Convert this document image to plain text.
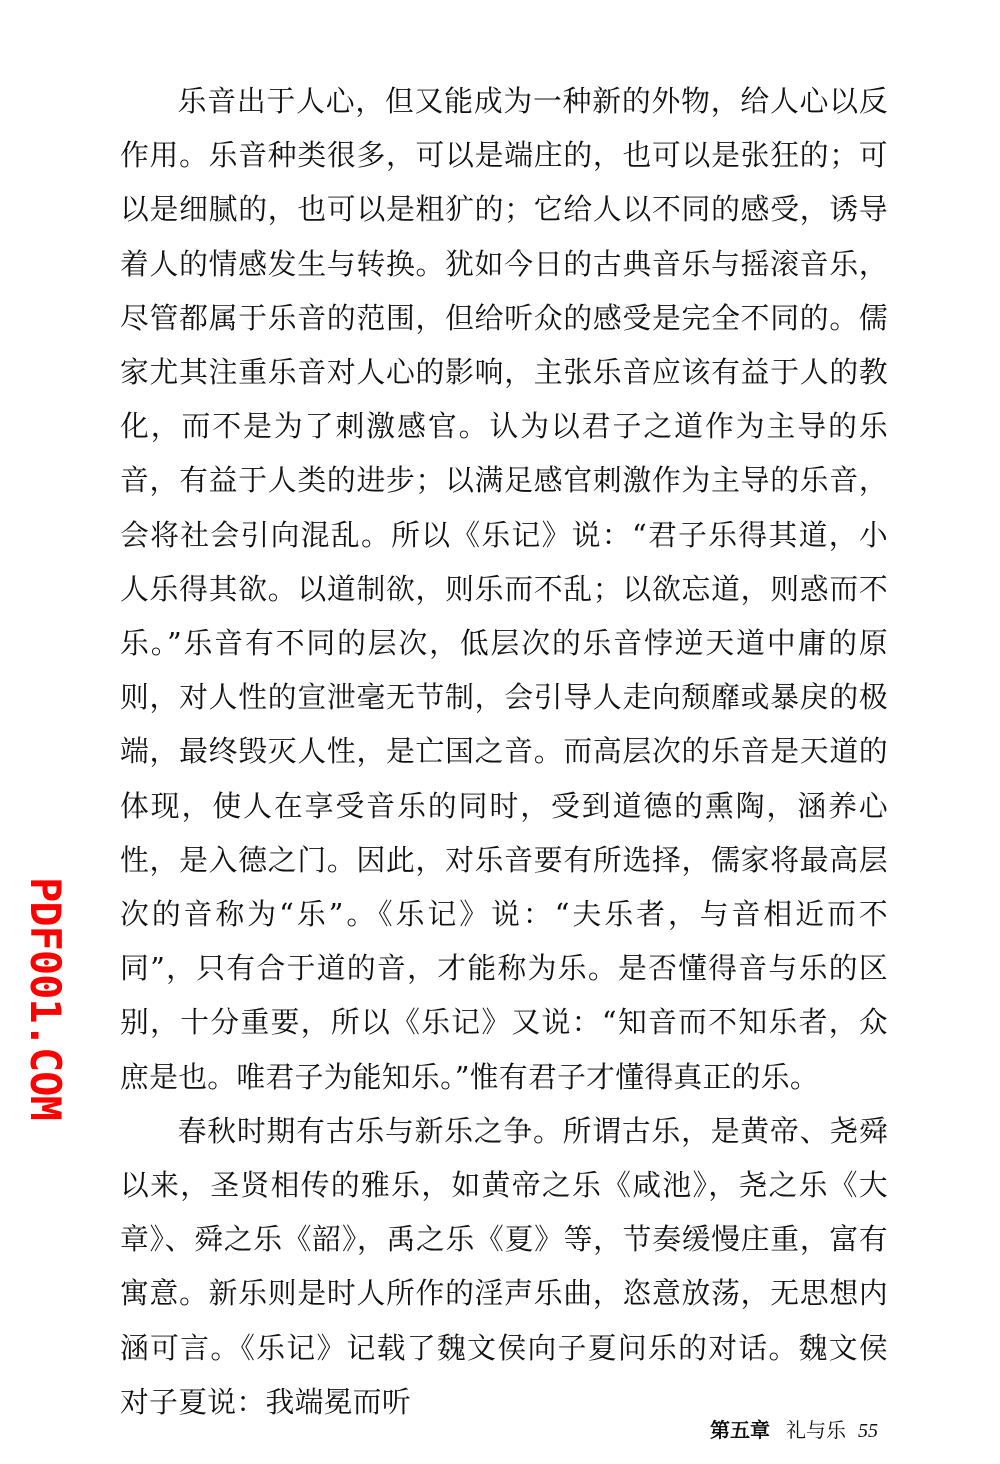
乐音出于人心，但又能成为一种新的外物，给人心以反作用。乐音种类很多，可以是端庄的，也可以是张狂的；可以是细腻的，也可以是粗犷的；它给人以不同的感受，诱导着人的情感发生与转换。犹如今日的古典音乐与摇滚音乐，尽管都属于乐音的范围，但给听众的感受是完全不同的。儒家尤其注重乐音对人心的影响，主张乐音应该有益于人的教化，而不是为了刺激感官。认为以君子之道作为主导的乐音，有益于人类的进步；以满足感官刺激作为主导的乐音，会将社会引向混乱。所以《乐记》说：“君子乐得其道，小人乐得其欲。以道制欲，则乐而不乱；以欲忘道，则惑而不乐。”乐音有不同的层次，低层次的乐音悖逆天道中庸的原则，对人性的宣泄毫无节制，会引导人走向颓靡或暴戾的极端，最终毁灭人性，是亡国之音。而高层次的乐音是天道的体现，使人在享受音乐的同时，受到道德的熏陶，涵养心性，是入德之门。因此，对乐音要有所选择，儒家将最高层次的音称为“乐”。《乐记》说：“夫乐者，与音相近而不同”，只有合于道的音，才能称为乐。是否懂得音与乐的区别，十分重要，所以《乐记》又说：“知音而不知乐者，众庶是也。唯君子为能知乐。”惟有君子才懂得真正的乐。

春秋时期有古乐与新乐之争。所谓古乐，是黄帝、尧舜以来，圣贤相传的雅乐，如黄帝之乐《咸池》，尧之乐《大章》、舜之乐《韶》，禹之乐《夏》等，节奏缓慢庄重，富有寓意。新乐则是时人所作的淫声乐曲，恣意放荡，无思想内涵可言。《乐记》记载了魏文侯向子夏问乐的对话。魏文侯对子夏说：我端冕而听

PDF001.COM
第五章 礼与乐 55
